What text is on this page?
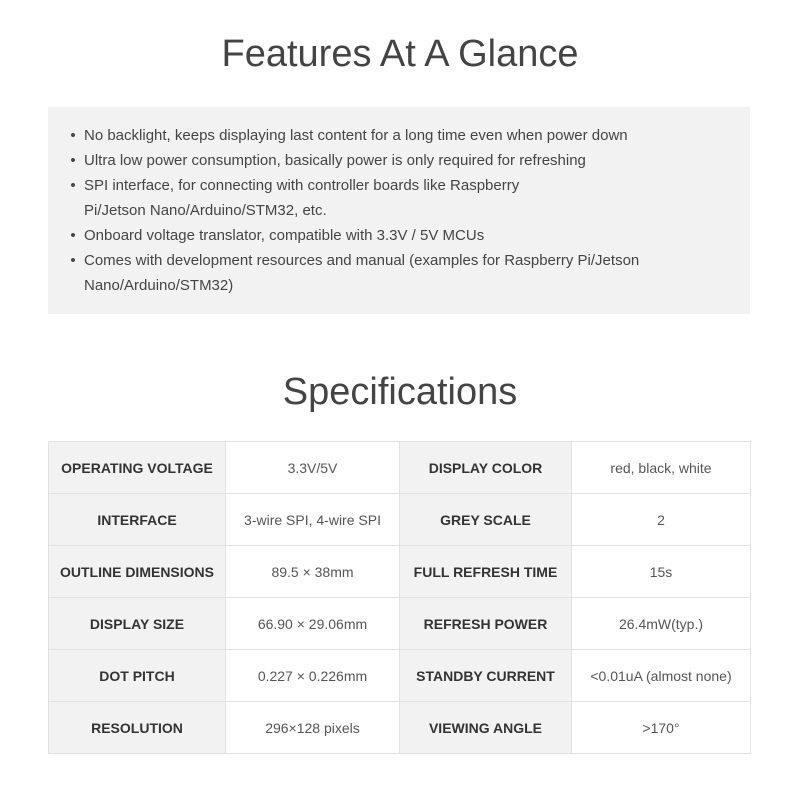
Features At A Glance
• No backlight, keeps displaying last content for a long time even when power down
• Ultra low power consumption, basically power is only required for refreshing
• SPI interface, for connecting with controller boards like Raspberry Pi/Jetson Nano/Arduino/STM32, etc.
• Onboard voltage translator, compatible with 3.3V / 5V MCUs
• Comes with development resources and manual (examples for Raspberry Pi/Jetson Nano/Arduino/STM32)
Specifications
OPERATING VOLTAGE	3.3V/5V	DISPLAY COLOR	red, black, white
INTERFACE	3-wire SPI, 4-wire SPI	GREY SCALE	2
OUTLINE DIMENSIONS	89.5 × 38mm	FULL REFRESH TIME	15s
DISPLAY SIZE	66.90 × 29.06mm	REFRESH POWER	26.4mW(typ.)
DOT PITCH	0.227 × 0.226mm	STANDBY CURRENT	<0.01uA (almost none)
RESOLUTION	296×128 pixels	VIEWING ANGLE	>170°
